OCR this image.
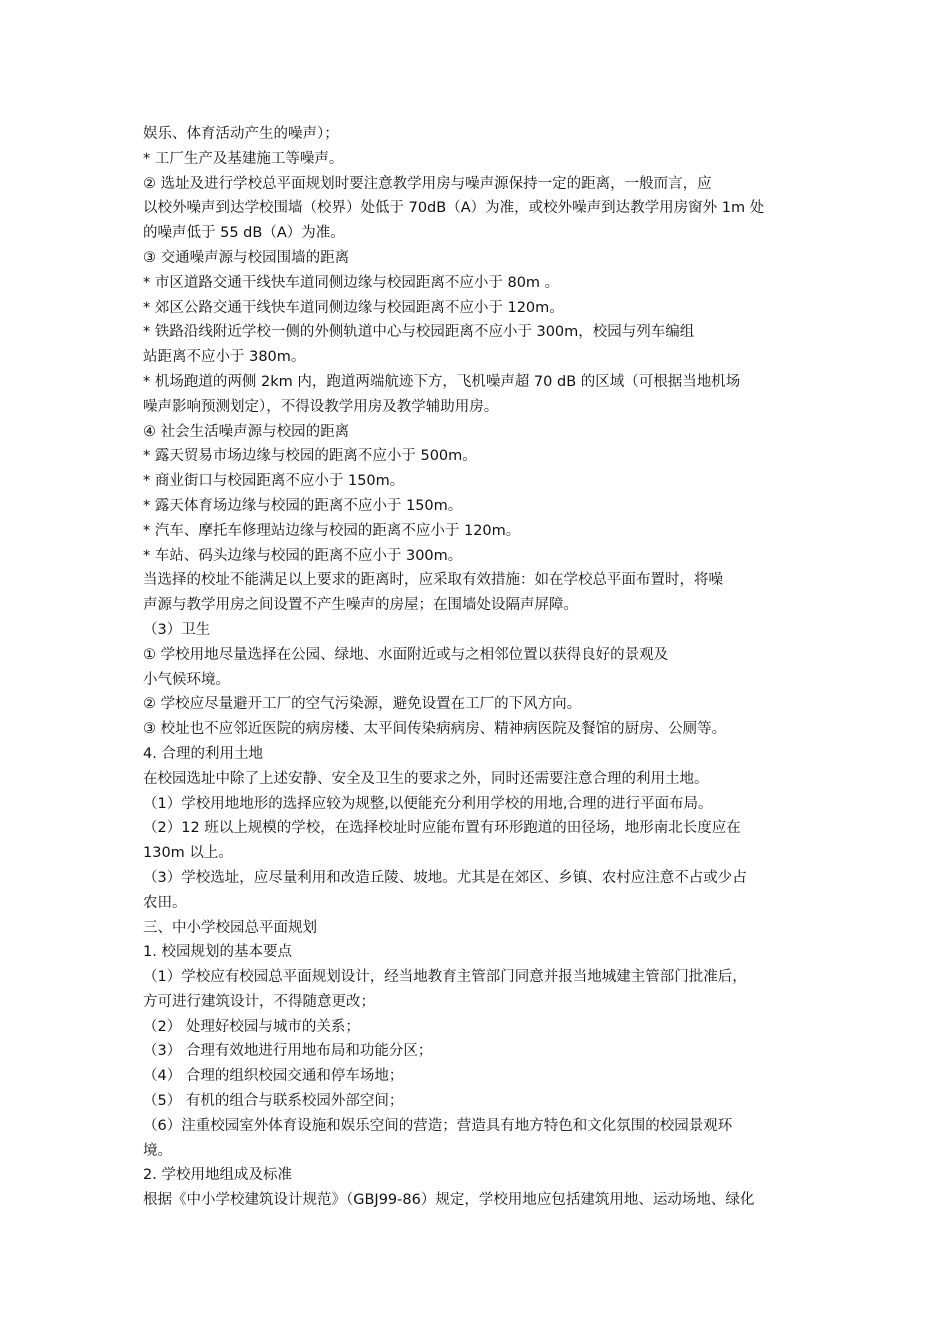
娱乐、体育活动产生的噪声）；
* 工厂生产及基建施工等噪声。
② 选址及进行学校总平面规划时要注意教学用房与噪声源保持一定的距离，一般而言，应
以校外噪声到达学校围墙（校界）处低于 70dB（A）为准，或校外噪声到达教学用房窗外 1m 处
的噪声低于 55 dB（A）为准。
③ 交通噪声源与校园围墙的距离
* 市区道路交通干线快车道同侧边缘与校园距离不应小于 80m 。
* 郊区公路交通干线快车道同侧边缘与校园距离不应小于 120m。
* 铁路沿线附近学校一侧的外侧轨道中心与校园距离不应小于 300m，校园与列车编组
站距离不应小于 380m。
* 机场跑道的两侧 2km 内，跑道两端航迹下方，飞机噪声超 70 dB 的区域（可根据当地机场
噪声影响预测划定），不得设教学用房及教学辅助用房。
④ 社会生活噪声源与校园的距离
* 露天贸易市场边缘与校园的距离不应小于 500m。
* 商业街口与校园距离不应小于 150m。
* 露天体育场边缘与校园的距离不应小于 150m。
* 汽车、摩托车修理站边缘与校园的距离不应小于 120m。
* 车站、码头边缘与校园的距离不应小于 300m。
当选择的校址不能满足以上要求的距离时，应采取有效措施：如在学校总平面布置时，将噪
声源与教学用房之间设置不产生噪声的房屋；在围墙处设隔声屏障。
（3）卫生
① 学校用地尽量选择在公园、绿地、水面附近或与之相邻位置以获得良好的景观及
小气候环境。
② 学校应尽量避开工厂的空气污染源，避免设置在工厂的下风方向。
③ 校址也不应邻近医院的病房楼、太平间传染病病房、精神病医院及餐馆的厨房、公厕等。
4. 合理的利用土地
在校园选址中除了上述安静、安全及卫生的要求之外，同时还需要注意合理的利用土地。
（1）学校用地地形的选择应较为规整,以便能充分利用学校的用地,合理的进行平面布局。
（2）12 班以上规模的学校，在选择校址时应能布置有环形跑道的田径场，地形南北长度应在
130m 以上。
（3）学校选址，应尽量利用和改造丘陵、坡地。尤其是在郊区、乡镇、农村应注意不占或少占
农田。
三、中小学校园总平面规划
1. 校园规划的基本要点
（1）学校应有校园总平面规划设计，经当地教育主管部门同意并报当地城建主管部门批准后，
方可进行建筑设计，不得随意更改；
（2） 处理好校园与城市的关系；
（3） 合理有效地进行用地布局和功能分区；
（4） 合理的组织校园交通和停车场地；
（5） 有机的组合与联系校园外部空间；
（6）注重校园室外体育设施和娱乐空间的营造；营造具有地方特色和文化氛围的校园景观环
境。
2. 学校用地组成及标准
根据《中小学校建筑设计规范》（GBJ99-86）规定，学校用地应包括建筑用地、运动场地、绿化
